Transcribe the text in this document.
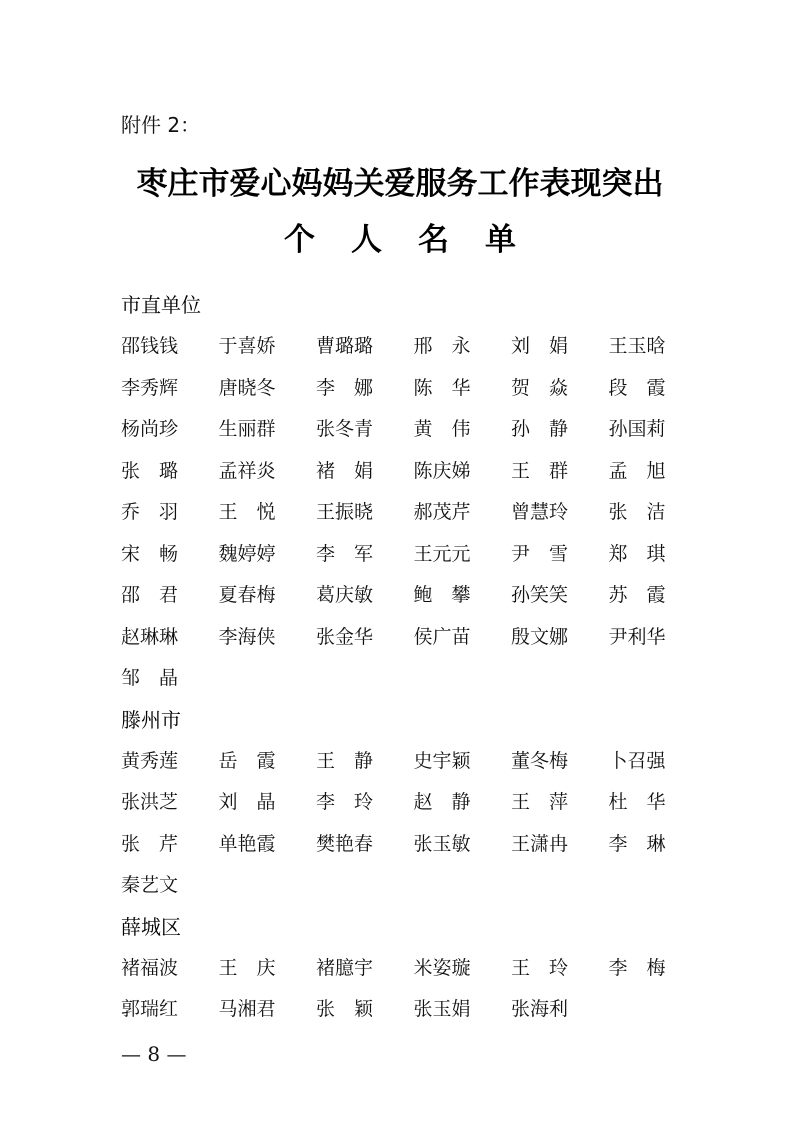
附件 2：
枣庄市爱心妈妈关爱服务工作表现突出
个人名单
市直单位
邵钱钱	于喜娇	曹璐璐	邢　永	刘　娟	王玉晗
李秀辉	唐晓冬	李　娜	陈　华	贺　焱	段　霞
杨尚珍	生丽群	张冬青	黄　伟	孙　静	孙国莉
张　璐	孟祥炎	褚　娟	陈庆娣	王　群	孟　旭
乔　羽	王　悦	王振晓	郝茂芹	曾慧玲	张　洁
宋　畅	魏婷婷	李　军	王元元	尹　雪	郑　琪
邵　君	夏春梅	葛庆敏	鲍　攀	孙笑笑	苏　霞
赵琳琳	李海侠	张金华	侯广苗	殷文娜	尹利华
邹　晶
滕州市
黄秀莲	岳　霞	王　静	史宇颖	董冬梅	卜召强
张洪芝	刘　晶	李　玲	赵　静	王　萍	杜　华
张　芹	单艳霞	樊艳春	张玉敏	王潇冉	李　琳
秦艺文
薛城区
褚福波	王　庆	褚臆宇	米姿璇	王　玲	李　梅
郭瑞红	马湘君	张　颖	张玉娟	张海利
— 8 —
